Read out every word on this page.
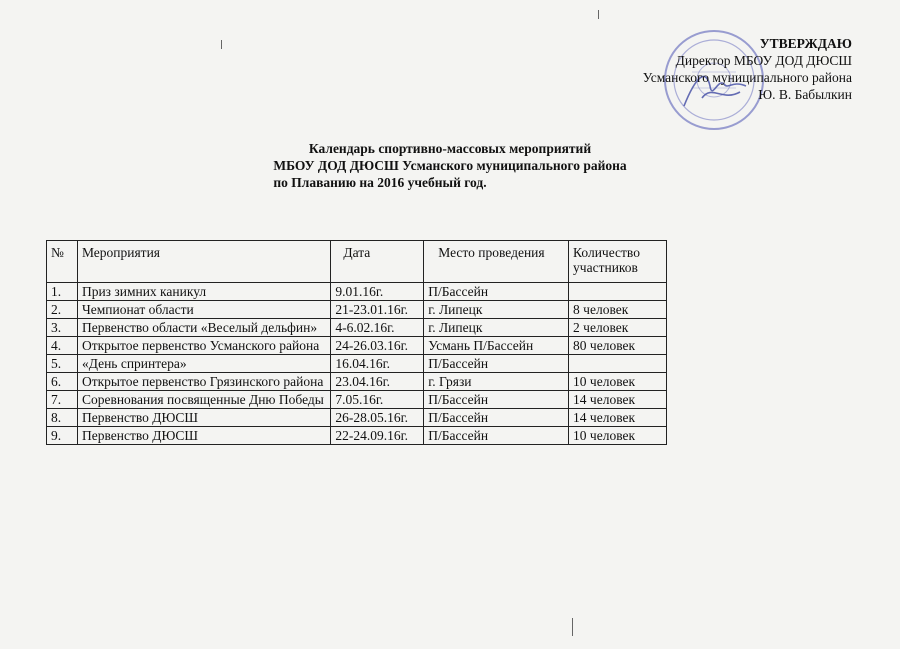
УТВЕРЖДАЮ
Директор МБОУ ДОД ДЮСШ
Усманского муниципального района
Ю. В. Бабылкин
Календарь спортивно-массовых мероприятий
МБОУ ДОД ДЮСШ Усманского муниципального района
по Плаванию на 2016 учебный год.
№	Мероприятия	Дата	Место проведения	Количество участников
1.	Приз зимних каникул	9.01.16г.	П/Бассейн	
2.	Чемпионат области	21-23.01.16г.	г. Липецк	8 человек
3.	Первенство области «Веселый дельфин»	4-6.02.16г.	г. Липецк	2 человек
4.	Открытое первенство Усманского района	24-26.03.16г.	Усмань П/Бассейн	80 человек
5.	«День спринтера»	16.04.16г.	П/Бассейн	
6.	Открытое первенство Грязинского района	23.04.16г.	г. Грязи	10 человек
7.	Соревнования посвященные Дню Победы	7.05.16г.	П/Бассейн	14 человек
8.	Первенство ДЮСШ	26-28.05.16г.	П/Бассейн	14 человек
9.	Первенство ДЮСШ	22-24.09.16г.	П/Бассейн	10 человек
